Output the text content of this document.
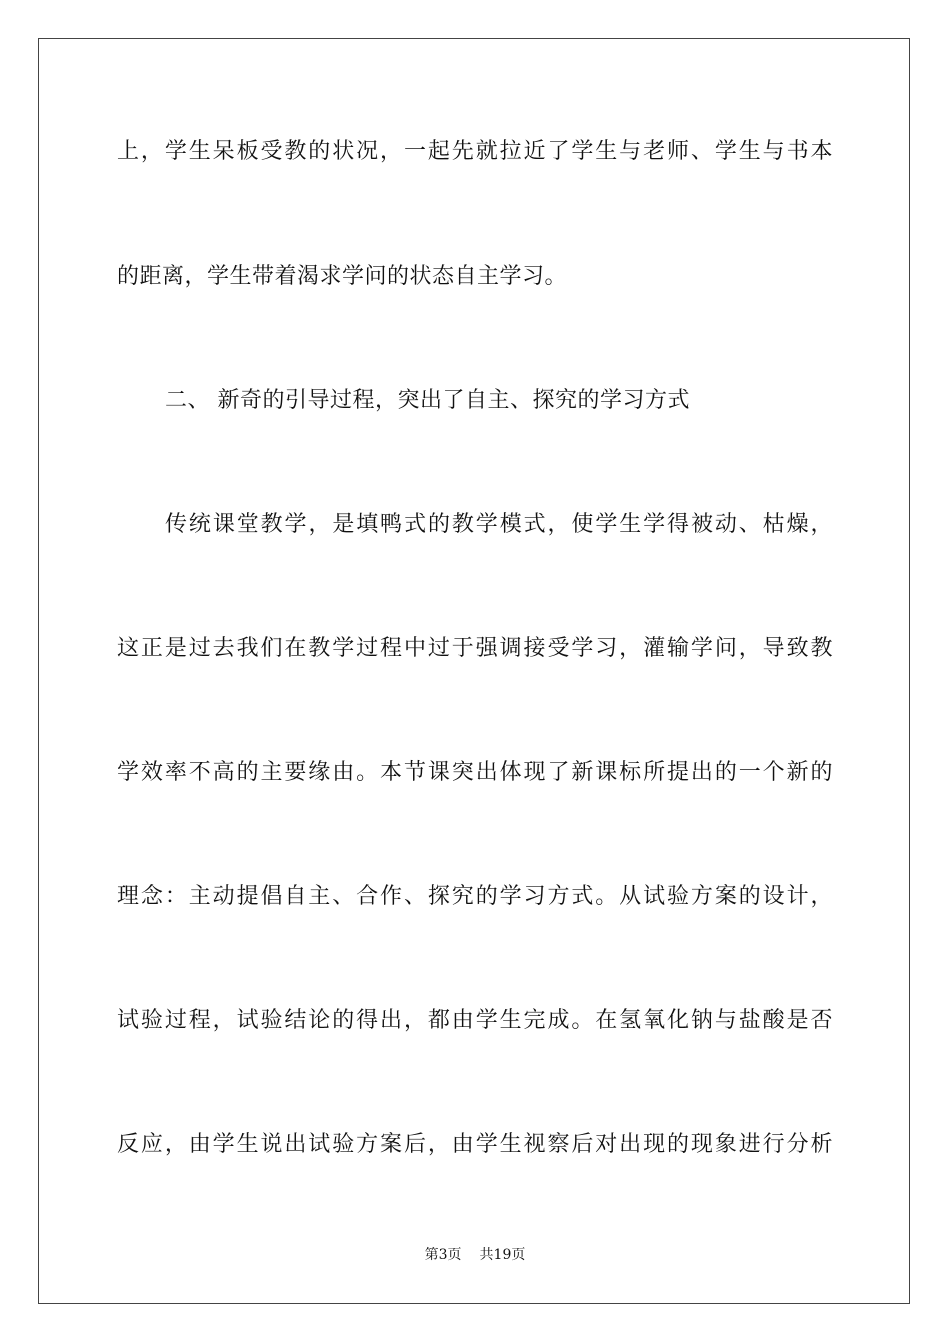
上，学生呆板受教的状况，一起先就拉近了学生与老师、学生与书本
的距离，学生带着渴求学问的状态自主学习。
二、 新奇的引导过程，突出了自主、探究的学习方式
传统课堂教学，是填鸭式的教学模式，使学生学得被动、枯燥，
这正是过去我们在教学过程中过于强调接受学习，灌输学问，导致教
学效率不高的主要缘由。本节课突出体现了新课标所提出的一个新的
理念：主动提倡自主、合作、探究的学习方式。从试验方案的设计，
试验过程，试验结论的得出，都由学生完成。在氢氧化钠与盐酸是否
反应，由学生说出试验方案后，由学生视察后对出现的现象进行分析
第3页 共19页
